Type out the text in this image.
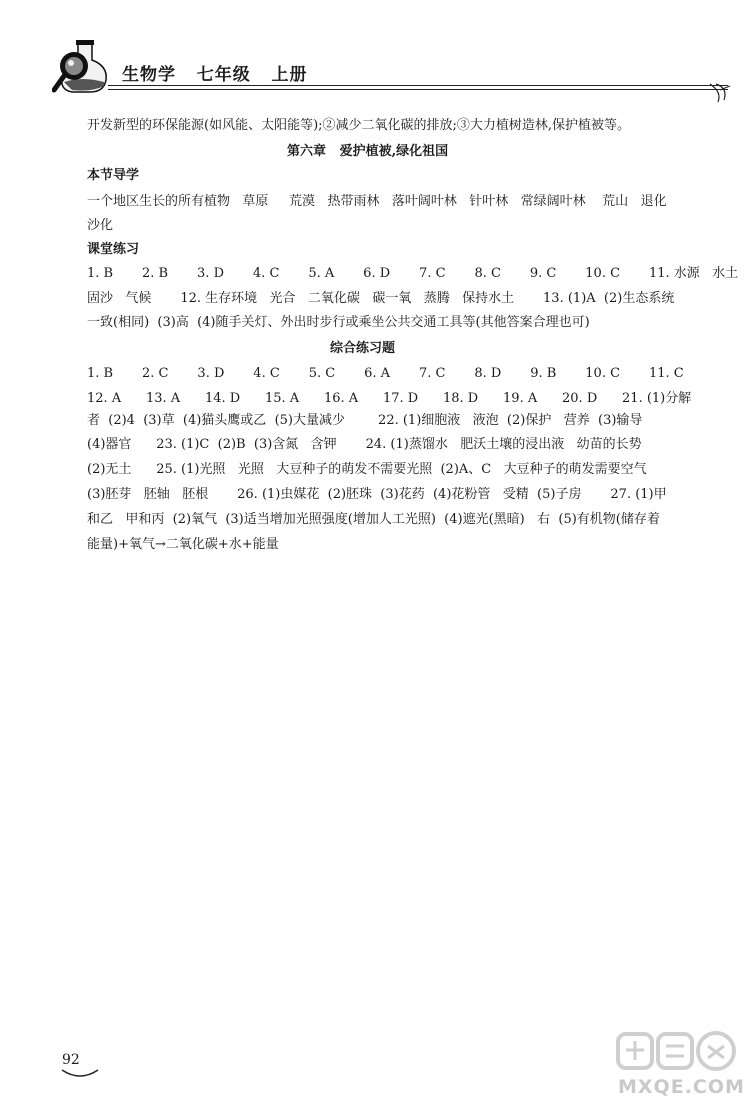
生物学   七年级   上册
开发新型的环保能源(如风能、太阳能等);②减少二氧化碳的排放;③大力植树造林,保护植被等。
第六章   爱护植被,绿化祖国
本节导学
一个地区生长的所有植物   草原     荒漠   热带雨林   落叶阔叶林   针叶林   常绿阔叶林    荒山   退化
沙化
课堂练习
1. B       2. B       3. D       4. C       5. A       6. D       7. C       8. C       9. C       10. C       11. 水源   水土
固沙   气候       12. 生存环境   光合   二氧化碳   碳一氧   蒸腾   保持水土       13. (1)A  (2)生态系统
一致(相同)  (3)高  (4)随手关灯、外出时步行或乘坐公共交通工具等(其他答案合理也可)
综合练习题
1. B       2. C       3. D       4. C       5. C       6. A       7. C       8. D       9. B       10. C       11. C
12. A      13. A      14. D      15. A      16. A      17. D      18. D      19. A      20. D      21. (1)分解
者  (2)4  (3)草  (4)猫头鹰或乙  (5)大量减少        22. (1)细胞液   液泡  (2)保护   营养  (3)输导
(4)器官      23. (1)C  (2)B  (3)含氮   含钾       24. (1)蒸馏水   肥沃土壤的浸出液   幼苗的长势
(2)无土      25. (1)光照   光照   大豆种子的萌发不需要光照  (2)A、C   大豆种子的萌发需要空气
(3)胚芽   胚轴   胚根       26. (1)虫媒花  (2)胚珠  (3)花药  (4)花粉管   受精  (5)子房       27. (1)甲
和乙   甲和丙  (2)氧气  (3)适当增加光照强度(增加人工光照)  (4)遮光(黑暗)   右  (5)有机物(储存着
能量)+氧气→二氧化碳+水+能量
92
MXQE.COM
